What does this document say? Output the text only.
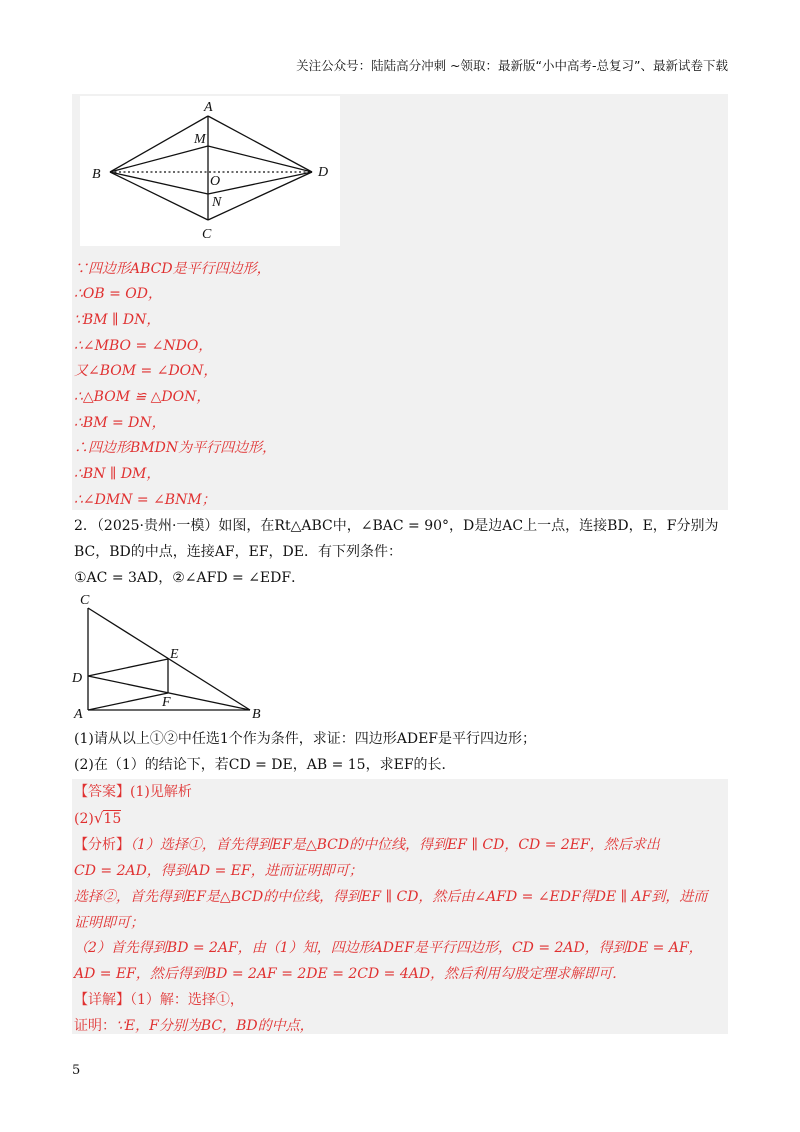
关注公众号：陆陆高分冲刺 ~领取：最新版“小中高考-总复习”、最新试卷下载
A
M
B	D
O
N
C
∵四边形ABCD是平行四边形，
∴OB = OD，
∵BM ∥ DN，
∴∠MBO = ∠NDO，
又∠BOM = ∠DON，
∴△BOM ≌ △DON，
∴BM = DN，
∴四边形BMDN为平行四边形，
∴BN ∥ DM，
∴∠DMN = ∠BNM；
2．（2025·贵州·一模）如图，在Rt△ABC中，∠BAC = 90°，D是边AC上一点，连接BD，E，F分别为
BC，BD的中点，连接AF，EF，DE．有下列条件：
①AC = 3AD，②∠AFD = ∠EDF．
C
E
D
F
A	B
(1)请从以上①②中任选1个作为条件，求证：四边形ADEF是平行四边形；
(2)在（1）的结论下，若CD = DE，AB = 15，求EF的长．
【答案】(1)见解析
(2)√15
【分析】（1）选择①，首先得到EF是△BCD的中位线，得到EF ∥ CD，CD = 2EF，然后求出
CD = 2AD，得到AD = EF，进而证明即可；
选择②，首先得到EF是△BCD的中位线，得到EF ∥ CD，然后由∠AFD = ∠EDF得DE ∥ AF到，进而
证明即可；
（2）首先得到BD = 2AF，由（1）知，四边形ADEF是平行四边形，CD = 2AD，得到DE = AF，
AD = EF，然后得到BD = 2AF = 2DE = 2CD = 4AD，然后利用勾股定理求解即可．
【详解】（1）解：选择①，
证明：∵E，F分别为BC，BD的中点，
5
